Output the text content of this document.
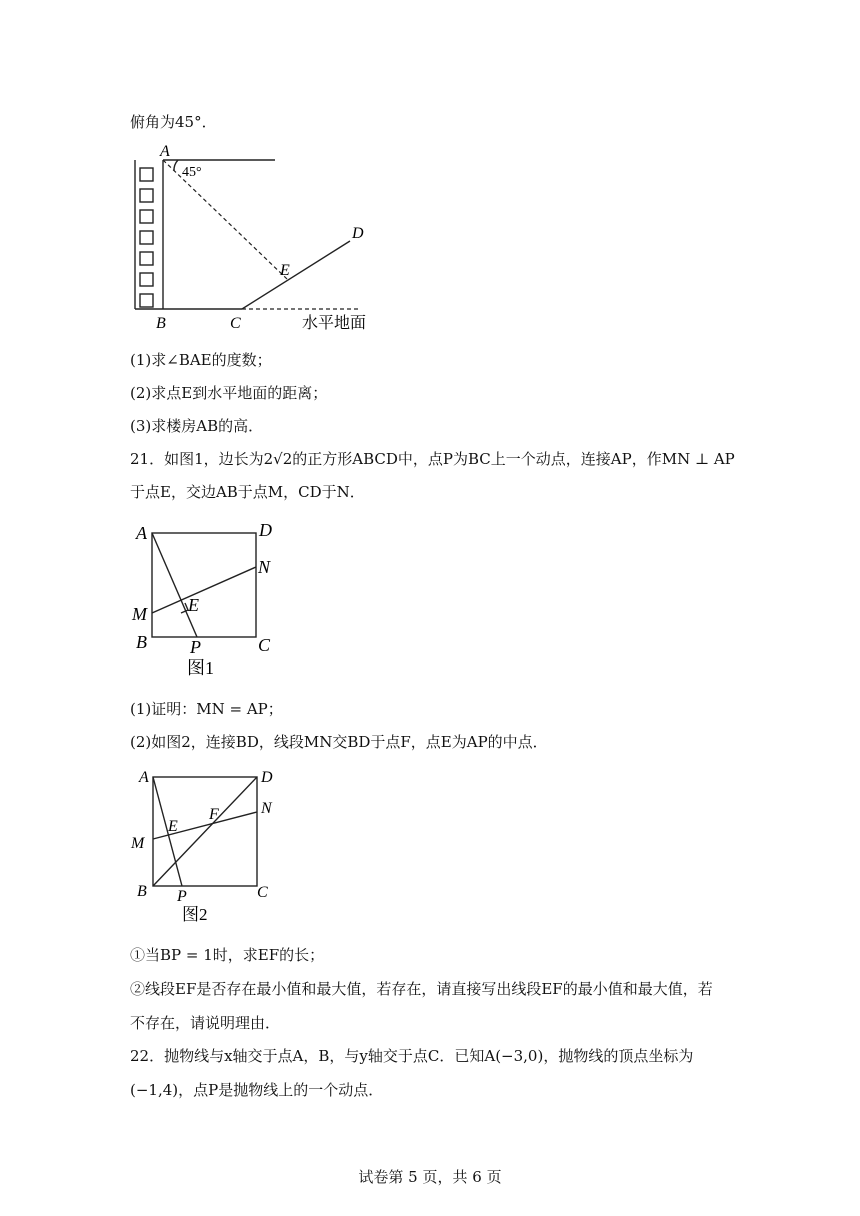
俯角为45°．
A
45°
D
E
B	C	水平地面
(1)求∠BAE的度数；
(2)求点E到水平地面的距离；
(3)求楼房AB的高．
21．如图1，边长为2√2的正方形ABCD中，点P为BC上一个动点，连接AP，作MN ⊥ AP
于点E，交边AB于点M，CD于N．
A	D
N
E
M
B P	C
图1
(1)证明：MN = AP；
(2)如图2，连接BD，线段MN交BD于点F，点E为AP的中点．
A	D
N
F
E
M
B P	C
图2
①当BP = 1时，求EF的长；
②线段EF是否存在最小值和最大值，若存在，请直接写出线段EF的最小值和最大值，若
不存在，请说明理由．
22．抛物线与x轴交于点A，B，与y轴交于点C．已知A(−3,0)，抛物线的顶点坐标为
(−1,4)，点P是抛物线上的一个动点．
试卷第 5 页，共 6 页
